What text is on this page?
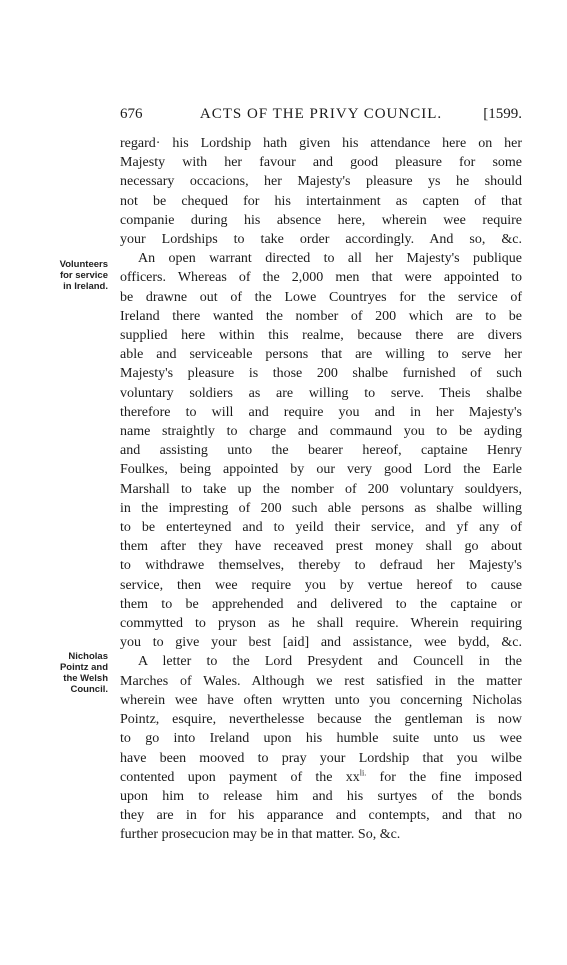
676	ACTS OF THE PRIVY COUNCIL.	[1599.
Volunteers
for service
in Ireland.
Nicholas
Pointz and
the Welsh
Council.

regard· his Lordship hath given his attendance here on her
Majesty with her favour and good pleasure for some
necessary occacions, her Majesty's pleasure ys he should
not be chequed for his intertainment as capten of that
companie during his absence here, wherein wee require
your Lordships to take order accordingly. And so, &c.

An open warrant directed to all her Majesty's publique
officers. Whereas of the 2,000 men that were appointed to
be drawne out of the Lowe Countryes for the service of
Ireland there wanted the nomber of 200 which are to be
supplied here within this realme, because there are divers
able and serviceable persons that are willing to serve her
Majesty's pleasure is those 200 shalbe furnished of such
voluntary soldiers as are willing to serve. Theis shalbe
therefore to will and require you and in her Majesty's
name straightly to charge and commaund you to be ayding
and assisting unto the bearer hereof, captaine Henry
Foulkes, being appointed by our very good Lord the Earle
Marshall to take up the nomber of 200 voluntary souldyers,
in the impresting of 200 such able persons as shalbe willing
to be enterteyned and to yeild their service, and yf any of
them after they have receaved prest money shall go about
to withdrawe themselves, thereby to defraud her Majesty's
service, then wee require you by vertue hereof to cause
them to be apprehended and delivered to the captaine or
commytted to pryson as he shall require. Wherein requiring
you to give your best [aid] and assistance, wee bydd, &c.

A letter to the Lord Presydent and Councell in the
Marches of Wales. Although we rest satisfied in the matter
wherein wee have often wrytten unto you concerning Nicholas
Pointz, esquire, neverthelesse because the gentleman is now
to go into Ireland upon his humble suite unto us wee
have been mooved to pray your Lordship that you wilbe
contented upon payment of the $xx^{li.}$ for the fine imposed
upon him to release him and his surtyes of the bonds
they are in for his apparance and contempts, and that no
further prosecucion may be in that matter. So, &c.
